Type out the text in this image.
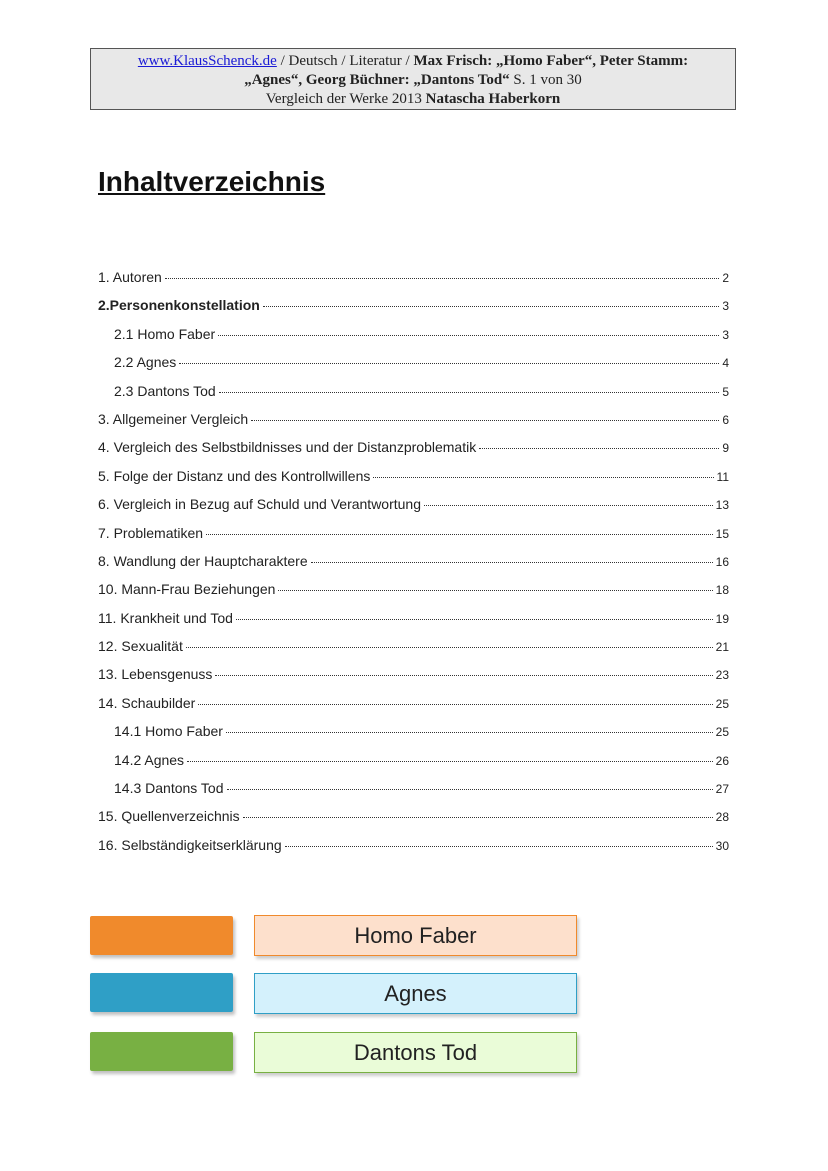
www.KlausSchenck.de / Deutsch / Literatur / Max Frisch: „Homo Faber“, Peter Stamm:
„Agnes“, Georg Büchner: „Dantons Tod“ S. 1 von 30
Vergleich der Werke 2013 Natascha Haberkorn
Inhaltverzeichnis
1. Autoren	2
2.Personenkonstellation	3
2.1 Homo Faber	3
2.2 Agnes	4
2.3 Dantons Tod	5
3. Allgemeiner Vergleich	6
4. Vergleich des Selbstbildnisses und der Distanzproblematik	9
5. Folge der Distanz und des Kontrollwillens	11
6. Vergleich in Bezug auf Schuld und Verantwortung	13
7. Problematiken	15
8. Wandlung der Hauptcharaktere	16
10. Mann-Frau Beziehungen	18
11. Krankheit und Tod	19
12. Sexualität	21
13. Lebensgenuss	23
14. Schaubilder	25
14.1 Homo Faber	25
14.2 Agnes	26
14.3 Dantons Tod	27
15. Quellenverzeichnis	28
16. Selbständigkeitserklärung	30
Homo Faber
Agnes
Dantons Tod
